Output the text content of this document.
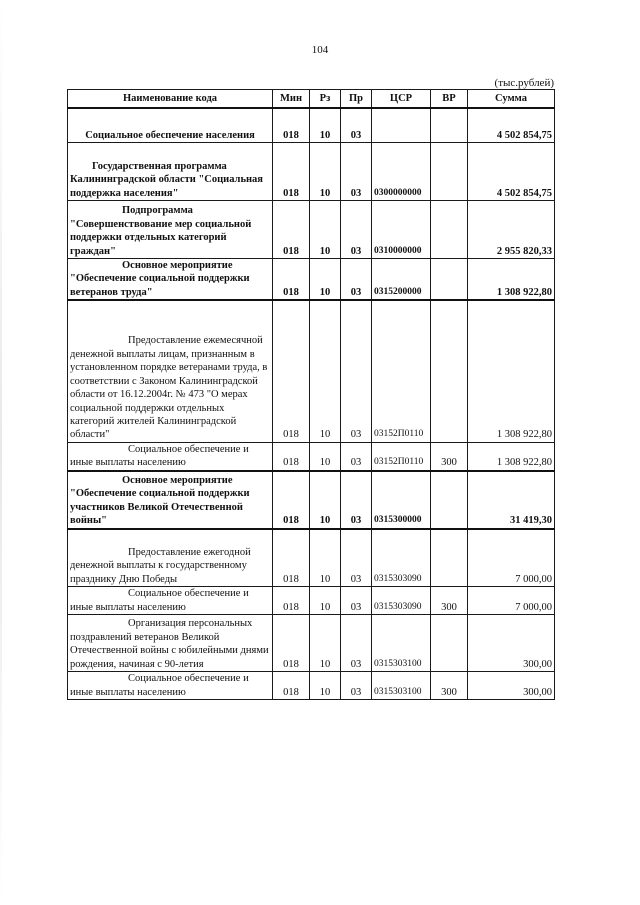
104
(тыс.рублей)
Наименование кода	Мин	Рз	Пр	ЦСР	ВР	Сумма
Социальное обеспечение населения	018	10	03			4 502 854,75
Государственная программа Калининградской области "Социальная поддержка населения"	018	10	03	0300000000		4 502 854,75
Подпрограмма "Совершенствование мер социальной поддержки отдельных категорий граждан"	018	10	03	0310000000		2 955 820,33
Основное мероприятие "Обеспечение социальной поддержки ветеранов труда"	018	10	03	0315200000		1 308 922,80
Предоставление ежемесячной денежной выплаты лицам, признанным в установленном порядке ветеранами труда, в соответствии с Законом Калининградской области от 16.12.2004г. № 473 "О мерах социальной поддержки отдельных категорий жителей Калининградской области"	018	10	03	03152П0110		1 308 922,80
Социальное обеспечение и иные выплаты населению	018	10	03	03152П0110	300	1 308 922,80
Основное мероприятие "Обеспечение социальной поддержки участников Великой Отечественной войны"	018	10	03	0315300000		31 419,30
Предоставление ежегодной денежной выплаты к государственному празднику Дню Победы	018	10	03	0315303090		7 000,00
Социальное обеспечение и иные выплаты населению	018	10	03	0315303090	300	7 000,00
Организация персональных поздравлений ветеранов Великой Отечественной войны с юбилейными днями рождения, начиная с 90-летия	018	10	03	0315303100		300,00
Социальное обеспечение и иные выплаты населению	018	10	03	0315303100	300	300,00
